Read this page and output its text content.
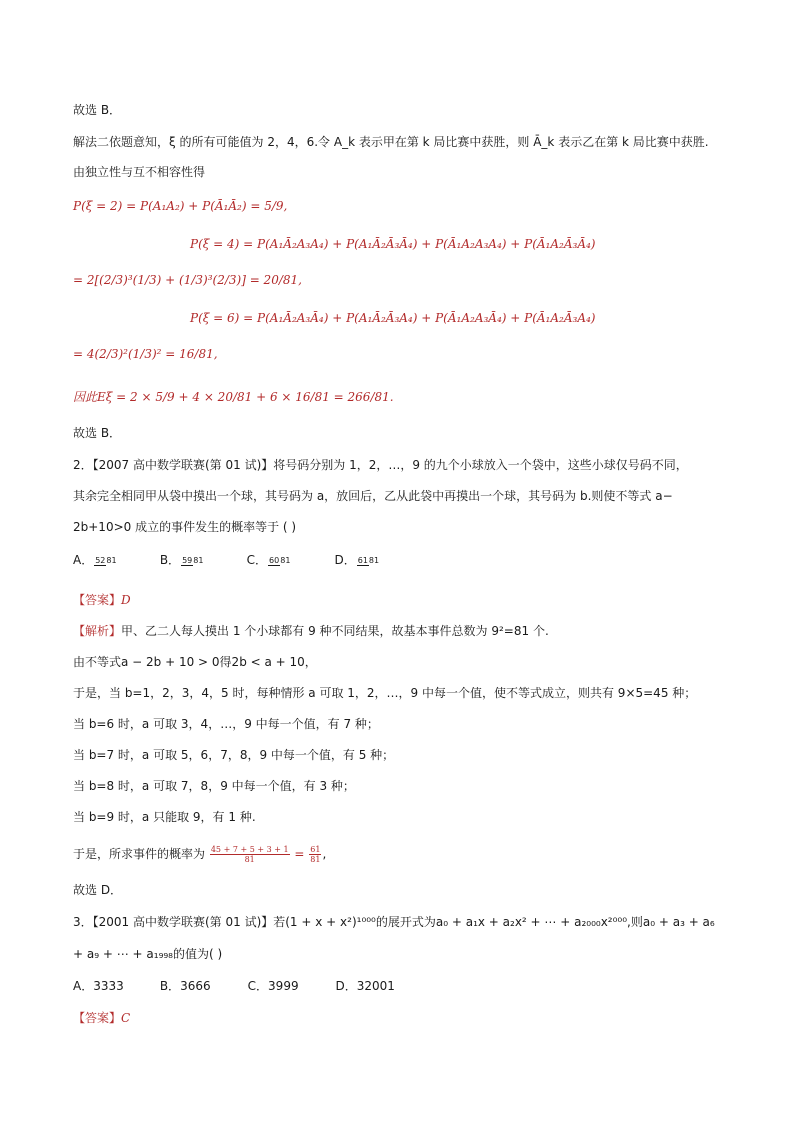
故选 B．
解法二依题意知，ξ 的所有可能值为 2，4，6.令 A_k 表示甲在第 k 局比赛中获胜，则 Ā_k 表示乙在第 k 局比赛中获胜.
由独立性与互不相容性得
P(ξ = 2) = P(A₁A₂) + P(Ā₁Ā₂) = 5/9,
P(ξ = 4) = P(A₁Ā₂A₃A₄) + P(A₁Ā₂Ā₃Ā₄) + P(Ā₁A₂A₃A₄) + P(Ā₁A₂Ā₃Ā₄)
= 2[(2/3)³(1/3) + (1/3)³(2/3)] = 20/81,
P(ξ = 6) = P(A₁Ā₂A₃Ā₄) + P(A₁Ā₂Ā₃A₄) + P(Ā₁A₂A₃Ā₄) + P(Ā₁A₂Ā₃A₄)
= 4(2/3)²(1/3)² = 16/81,
因此Eξ = 2 × 5/9 + 4 × 20/81 + 6 × 16/81 = 266/81.
故选 B．
2．【2007 高中数学联赛(第 01 试)】将号码分别为 1，2，…，9 的九个小球放入一个袋中，这些小球仅号码不同，
其余完全相同甲从袋中摸出一个球，其号码为 a，放回后，乙从此袋中再摸出一个球，其号码为 b.则使不等式 a−
2b+10>0 成立的事件发生的概率等于 ( )
A． 5281	B． 5981	C． 6081	D． 6181
【答案】D
【解析】甲、乙二人每人摸出 1 个小球都有 9 种不同结果，故基本事件总数为 9²=81 个.
由不等式a − 2b + 10 > 0得2b < a + 10，
于是，当 b=1，2，3，4，5 时，每种情形 a 可取 1，2，…，9 中每一个值，使不等式成立，则共有 9×5=45 种；
当 b=6 时，a 可取 3，4，…，9 中每一个值，有 7 种；
当 b=7 时，a 可取 5，6，7，8，9 中每一个值，有 5 种；
当 b=8 时，a 可取 7，8，9 中每一个值，有 3 种；
当 b=9 时，a 只能取 9，有 1 种.
于是，所求事件的概率为 $\frac{45 + 7 + 5 + 3 + 1}{81} = \frac{61}{81}$ ,
故选 D．
3．【2001 高中数学联赛(第 01 试)】若(1 + x + x²)¹⁰⁰⁰的展开式为a₀ + a₁x + a₂x² + ⋯ + a₂₀₀₀x²⁰⁰⁰,则a₀ + a₃ + a₆
+ a₉ + ⋯ + a₁₉₉₈的值为( )
A．3333	B．3666	C．3999	D．32001
【答案】C
